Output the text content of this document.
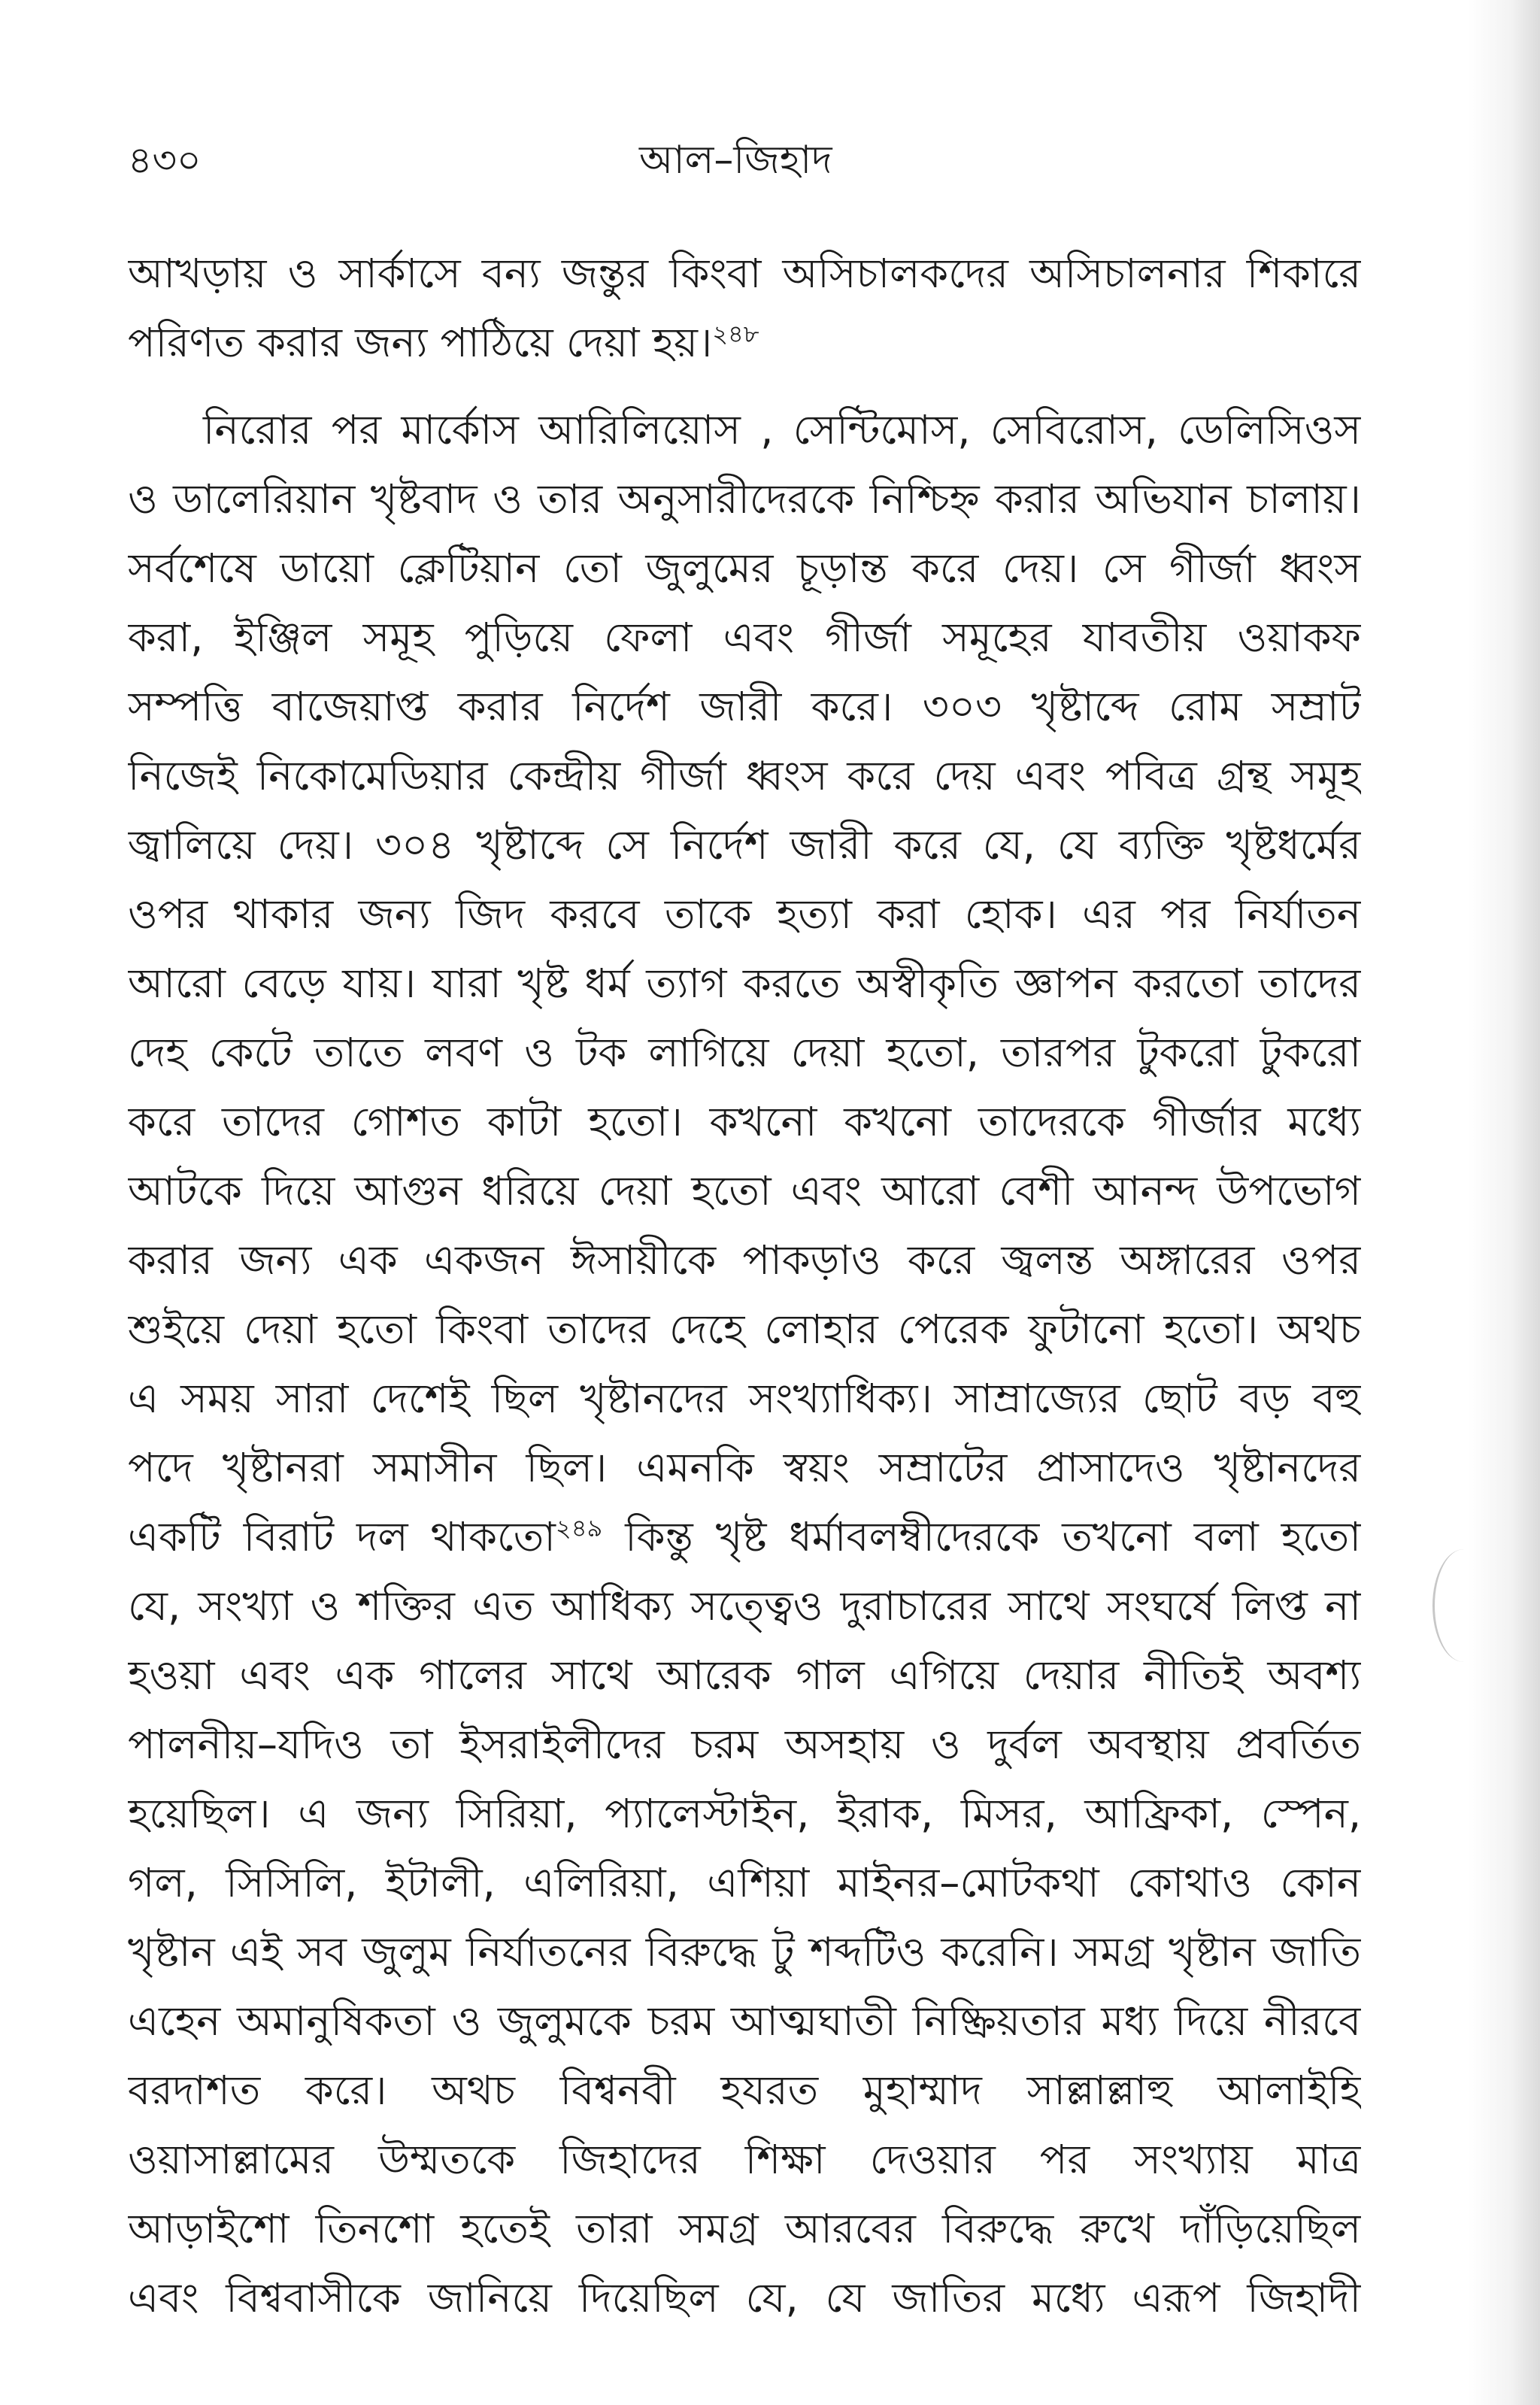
৪৩০	আল–জিহাদ
আখড়ায় ও সার্কাসে বন্য জন্তুর কিংবা অসিচালকদের অসিচালনার শিকারে
পরিণত করার জন্য পাঠিয়ে দেয়া হয়।$^{২৪৮}$
নিরোর পর মার্কোস আরিলিয়োস , সেন্টিমোস, সেবিরোস, ডেলিসিওস
ও ডালেরিয়ান খৃষ্টবাদ ও তার অনুসারীদেরকে নিশ্চিহ্ন করার অভিযান চালায়।
সর্বশেষে ডায়ো ক্লেটিয়ান তো জুলুমের চূড়ান্ত করে দেয়। সে গীর্জা ধ্বংস
করা, ইঞ্জিল সমূহ পুড়িয়ে ফেলা এবং গীর্জা সমূহের যাবতীয় ওয়াকফ
সম্পত্তি বাজেয়াপ্ত করার নির্দেশ জারী করে। ৩০৩ খৃষ্টাব্দে রোম সম্রাট
নিজেই নিকোমেডিয়ার কেন্দ্রীয় গীর্জা ধ্বংস করে দেয় এবং পবিত্র গ্রন্থ সমূহ
জ্বালিয়ে দেয়। ৩০৪ খৃষ্টাব্দে সে নির্দেশ জারী করে যে, যে ব্যক্তি খৃষ্টধর্মের
ওপর থাকার জন্য জিদ করবে তাকে হত্যা করা হোক। এর পর নির্যাতন
আরো বেড়ে যায়। যারা খৃষ্ট ধর্ম ত্যাগ করতে অস্বীকৃতি জ্ঞাপন করতো তাদের
দেহ কেটে তাতে লবণ ও টক লাগিয়ে দেয়া হতো, তারপর টুকরো টুকরো
করে তাদের গোশত কাটা হতো। কখনো কখনো তাদেরকে গীর্জার মধ্যে
আটকে দিয়ে আগুন ধরিয়ে দেয়া হতো এবং আরো বেশী আনন্দ উপভোগ
করার জন্য এক একজন ঈসায়ীকে পাকড়াও করে জ্বলন্ত অঙ্গারের ওপর
শুইয়ে দেয়া হতো কিংবা তাদের দেহে লোহার পেরেক ফুটানো হতো। অথচ
এ সময় সারা দেশেই ছিল খৃষ্টানদের সংখ্যাধিক্য। সাম্রাজ্যের ছোট বড় বহু
পদে খৃষ্টানরা সমাসীন ছিল। এমনকি স্বয়ং সম্রাটের প্রাসাদেও খৃষ্টানদের
একটি বিরাট দল থাকতো$^{২৪৯}$ কিন্তু খৃষ্ট ধর্মাবলম্বীদেরকে তখনো বলা হতো
যে, সংখ্যা ও শক্তির এত আধিক্য সত্ত্বেও দুরাচারের সাথে সংঘর্ষে লিপ্ত না
হওয়া এবং এক গালের সাথে আরেক গাল এগিয়ে দেয়ার নীতিই অবশ্য
পালনীয়–যদিও তা ইসরাইলীদের চরম অসহায় ও দুর্বল অবস্থায় প্রবর্তিত
হয়েছিল। এ জন্য সিরিয়া, প্যালেস্টাইন, ইরাক, মিসর, আফ্রিকা, স্পেন,
গল, সিসিলি, ইটালী, এলিরিয়া, এশিয়া মাইনর–মোটকথা কোথাও কোন
খৃষ্টান এই সব জুলুম নির্যাতনের বিরুদ্ধে টু শব্দটিও করেনি। সমগ্র খৃষ্টান জাতি
এহেন অমানুষিকতা ও জুলুমকে চরম আত্মঘাতী নিষ্ক্রিয়তার মধ্য দিয়ে নীরবে
বরদাশত করে। অথচ বিশ্বনবী হযরত মুহাম্মাদ সাল্লাল্লাহু আলাইহি
ওয়াসাল্লামের উম্মতকে জিহাদের শিক্ষা দেওয়ার পর সংখ্যায় মাত্র
আড়াইশো তিনশো হতেই তারা সমগ্র আরবের বিরুদ্ধে রুখে দাঁড়িয়েছিল
এবং বিশ্ববাসীকে জানিয়ে দিয়েছিল যে, যে জাতির মধ্যে এরূপ জিহাদী
